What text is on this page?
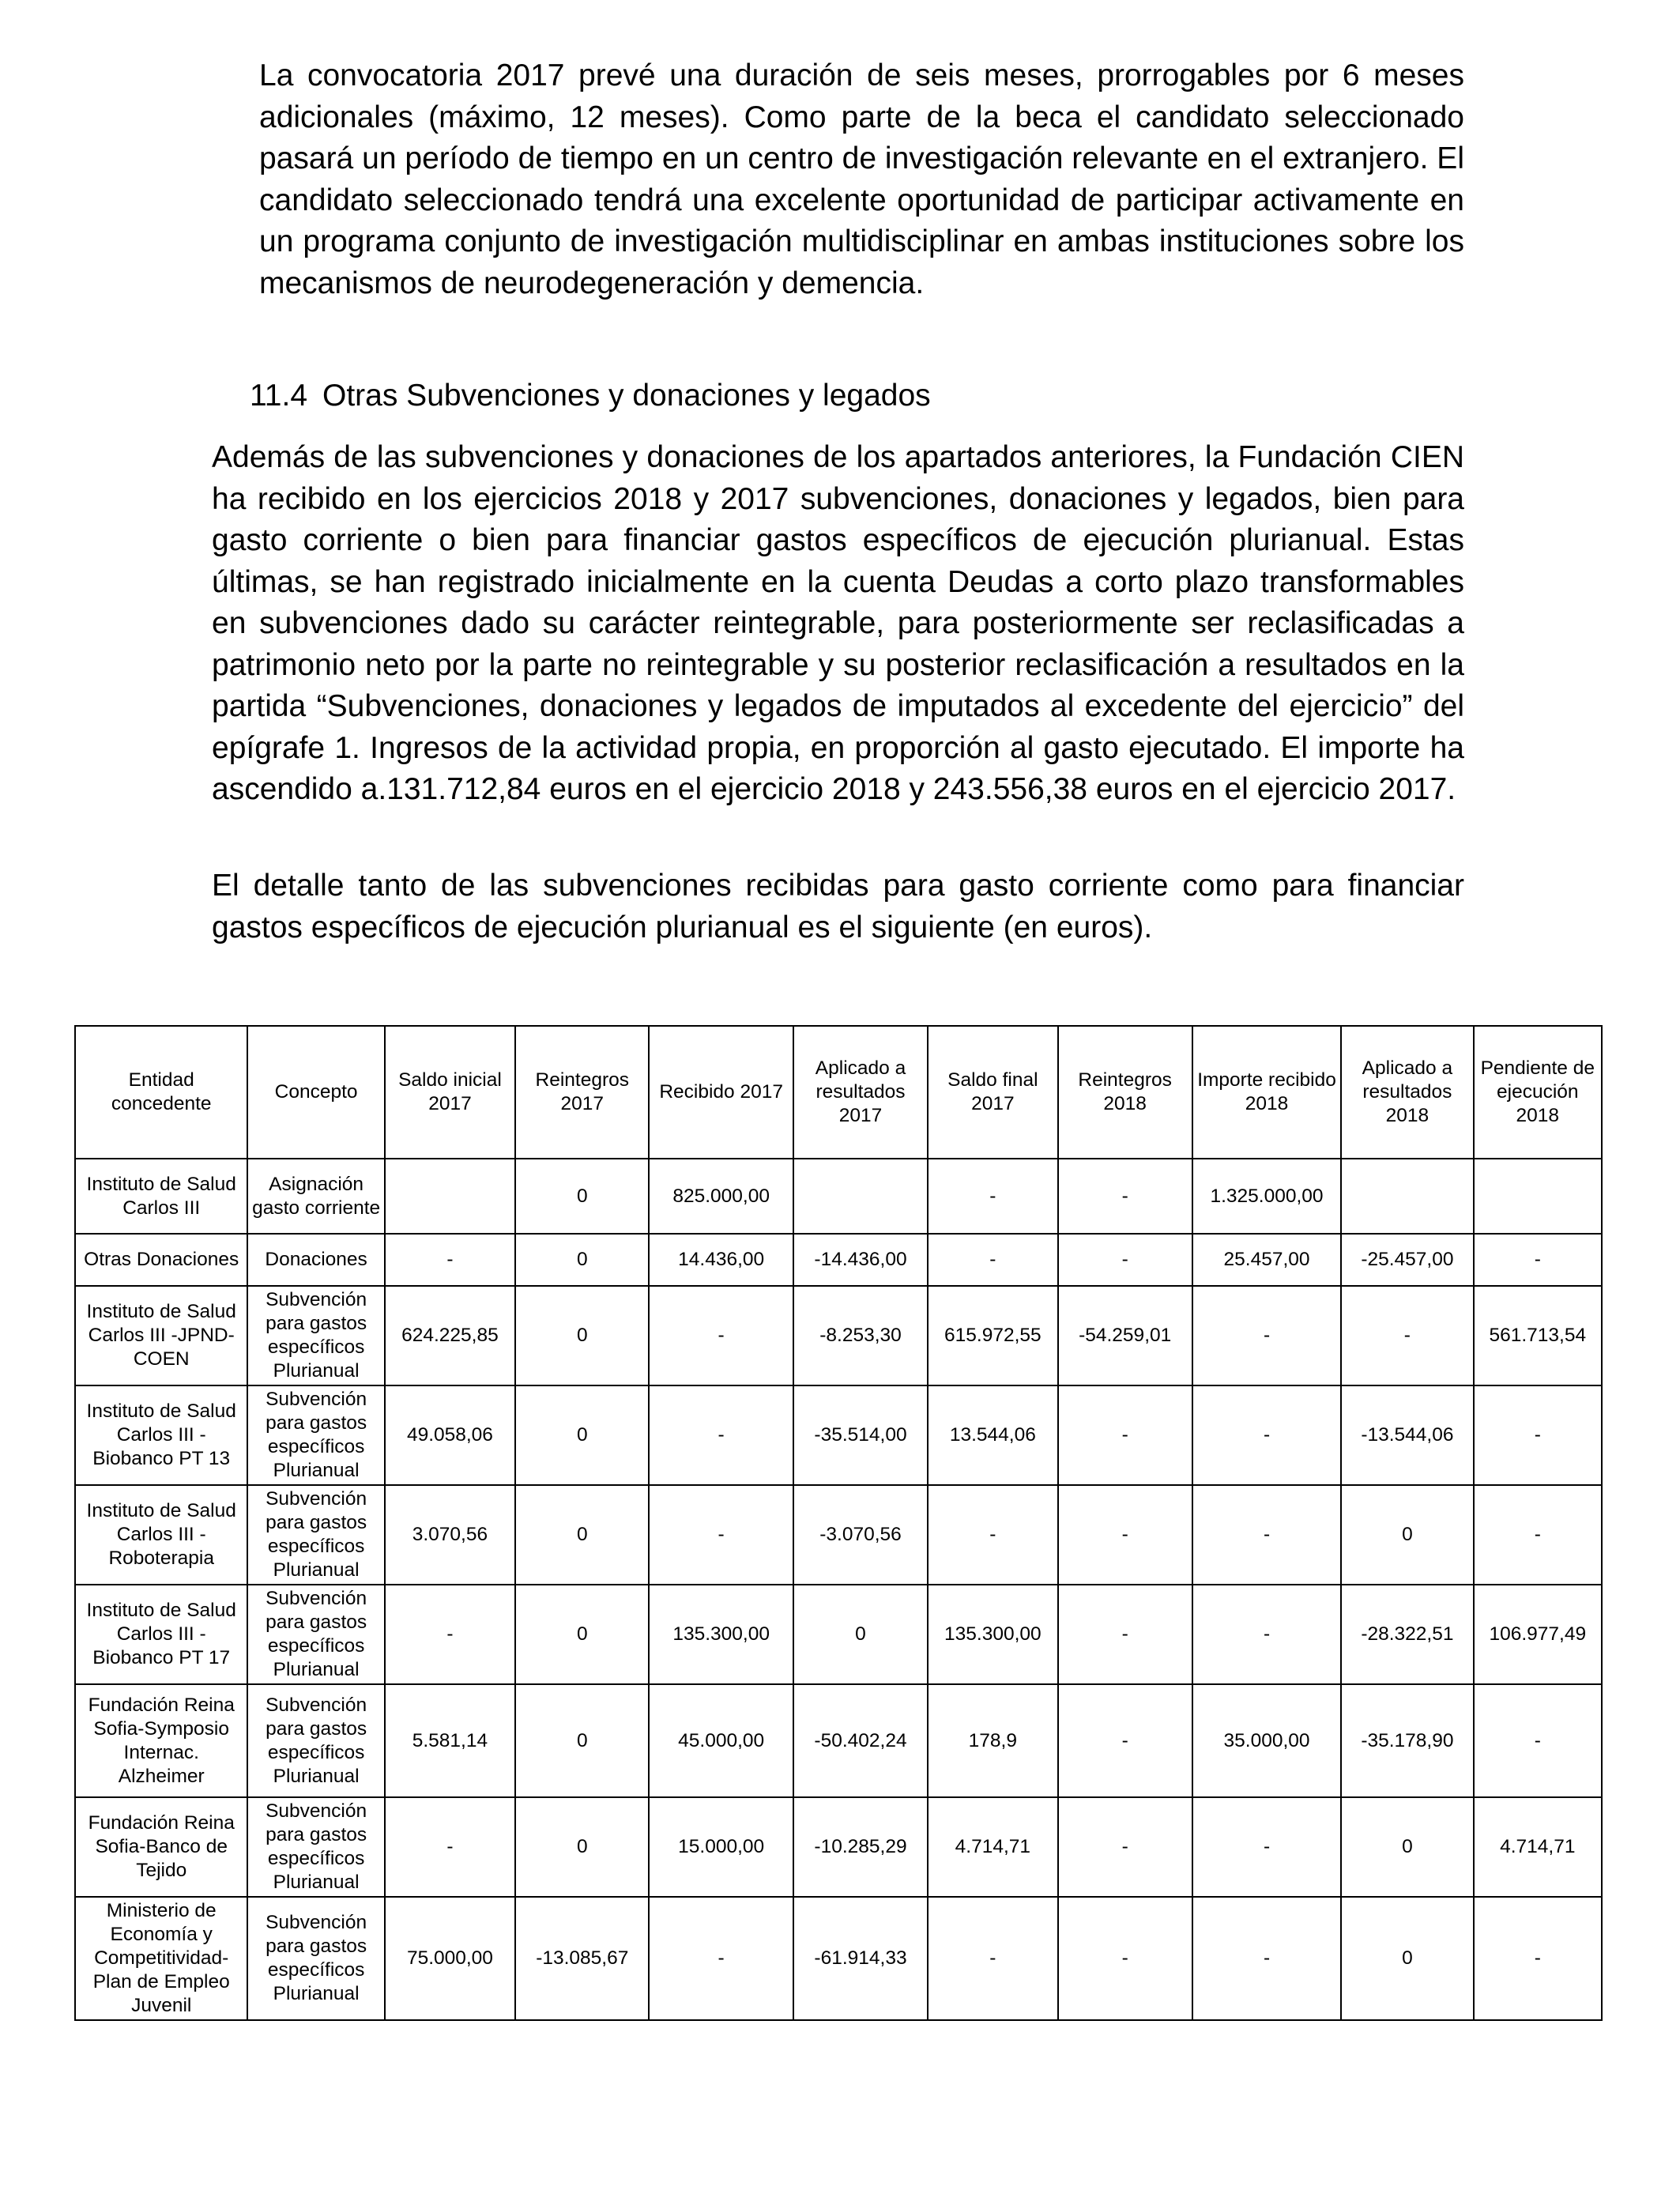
La convocatoria 2017 prevé una duración de seis meses, prorrogables por 6 meses adicionales (máximo, 12 meses). Como parte de la beca el candidato seleccionado pasará un período de tiempo en un centro de investigación relevante en el extranjero. El candidato seleccionado tendrá una excelente oportunidad de participar activamente en un programa conjunto de investigación multidisciplinar en ambas instituciones sobre los mecanismos de neurodegeneración y demencia.

11.4 Otras Subvenciones y donaciones y legados

Además de las subvenciones y donaciones de los apartados anteriores, la Fundación CIEN ha recibido en los ejercicios 2018 y 2017 subvenciones, donaciones y legados, bien para gasto corriente o bien para financiar gastos específicos de ejecución plurianual. Estas últimas, se han registrado inicialmente en la cuenta Deudas a corto plazo transformables en subvenciones dado su carácter reintegrable, para posteriormente ser reclasificadas a patrimonio neto por la parte no reintegrable y su posterior reclasificación a resultados en la partida “Subvenciones, donaciones y legados de imputados al excedente del ejercicio” del epígrafe 1. Ingresos de la actividad propia, en proporción al gasto ejecutado. El importe ha ascendido a.131.712,84 euros en el ejercicio 2018 y 243.556,38 euros en el ejercicio 2017.

El detalle tanto de las subvenciones recibidas para gasto corriente como para financiar gastos específicos de ejecución plurianual es el siguiente (en euros).

Entidad concedente	Concepto	Saldo inicial 2017	Reintegros 2017	Recibido 2017	Aplicado a resultados 2017	Saldo final 2017	Reintegros 2018	Importe recibido 2018	Aplicado a resultados 2018	Pendiente de ejecución 2018
Instituto de Salud Carlos III	Asignación gasto corriente		0	825.000,00		-	-	1.325.000,00		
Otras Donaciones	Donaciones	-	0	14.436,00	-14.436,00	-	-	25.457,00	-25.457,00	-
Instituto de Salud Carlos III -JPND-COEN	Subvención para gastos específicos Plurianual	624.225,85	0	-	-8.253,30	615.972,55	-54.259,01	-	-	561.713,54
Instituto de Salud Carlos III -Biobanco PT 13	Subvención para gastos específicos Plurianual	49.058,06	0	-	-35.514,00	13.544,06	-	-	-13.544,06	-
Instituto de Salud Carlos III -Roboterapia	Subvención para gastos específicos Plurianual	3.070,56	0	-	-3.070,56	-	-	-	0	-
Instituto de Salud Carlos III -Biobanco PT 17	Subvención para gastos específicos Plurianual	-	0	135.300,00	0	135.300,00	-	-	-28.322,51	106.977,49
Fundación Reina Sofia-Symposio Internac. Alzheimer	Subvención para gastos específicos Plurianual	5.581,14	0	45.000,00	-50.402,24	178,9	-	35.000,00	-35.178,90	-
Fundación Reina Sofia-Banco de Tejido	Subvención para gastos específicos Plurianual	-	0	15.000,00	-10.285,29	4.714,71	-	-	0	4.714,71
Ministerio de Economía y Competitividad-Plan de Empleo Juvenil	Subvención para gastos específicos Plurianual	75.000,00	-13.085,67	-	-61.914,33	-	-	-	0	-
